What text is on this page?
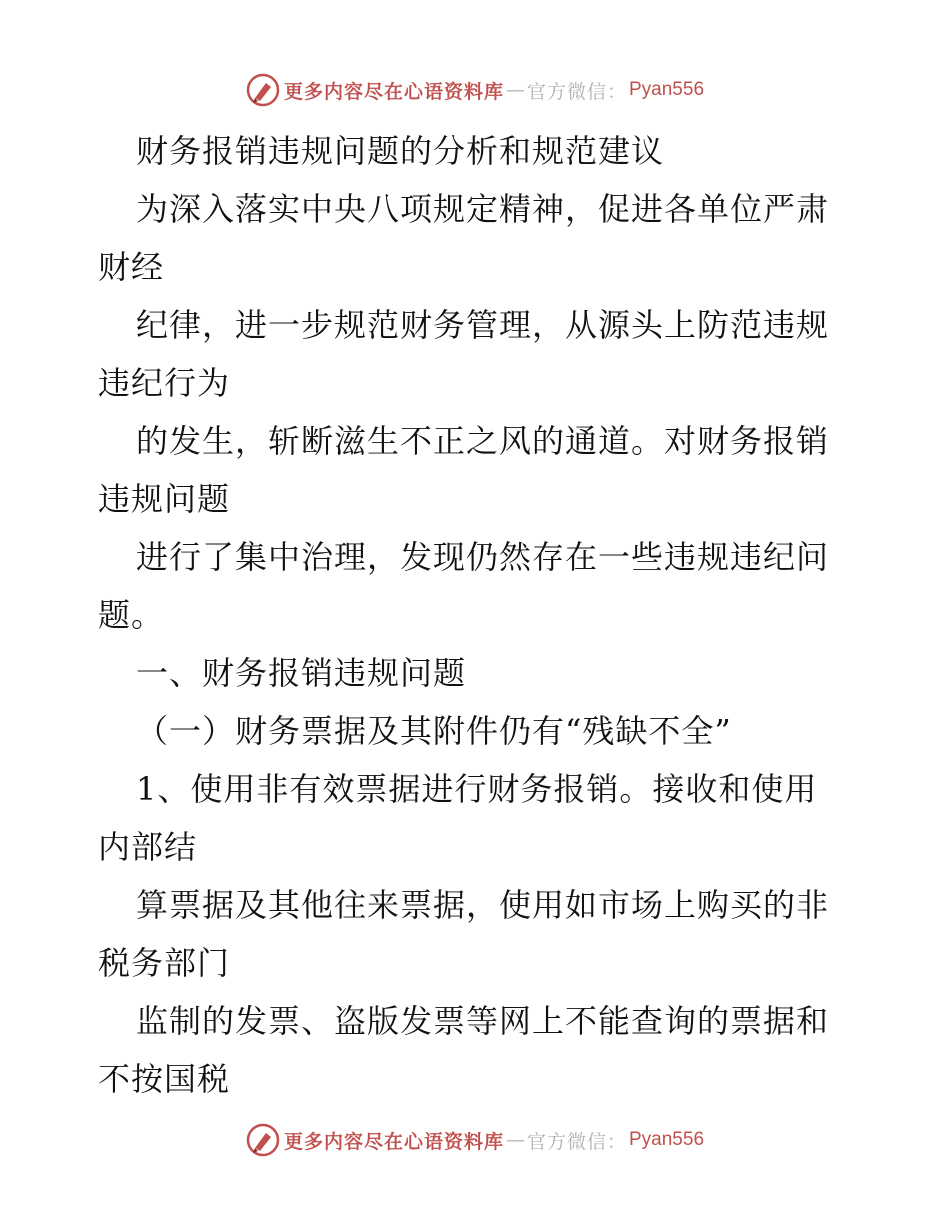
更多内容尽在心语资料库 — 官方微信： Pyan556
财务报销违规问题的分析和规范建议
为深入落实中央八项规定精神，促进各单位严肃
财经
纪律，进一步规范财务管理，从源头上防范违规
违纪行为
的发生，斩断滋生不正之风的通道。对财务报销
违规问题
进行了集中治理，发现仍然存在一些违规违纪问
题。
一、财务报销违规问题
（一）财务票据及其附件仍有“残缺不全”
1、使用非有效票据进行财务报销。接收和使用
内部结
算票据及其他往来票据，使用如市场上购买的非
税务部门
监制的发票、盗版发票等网上不能查询的票据和
不按国税
更多内容尽在心语资料库 — 官方微信： Pyan556
